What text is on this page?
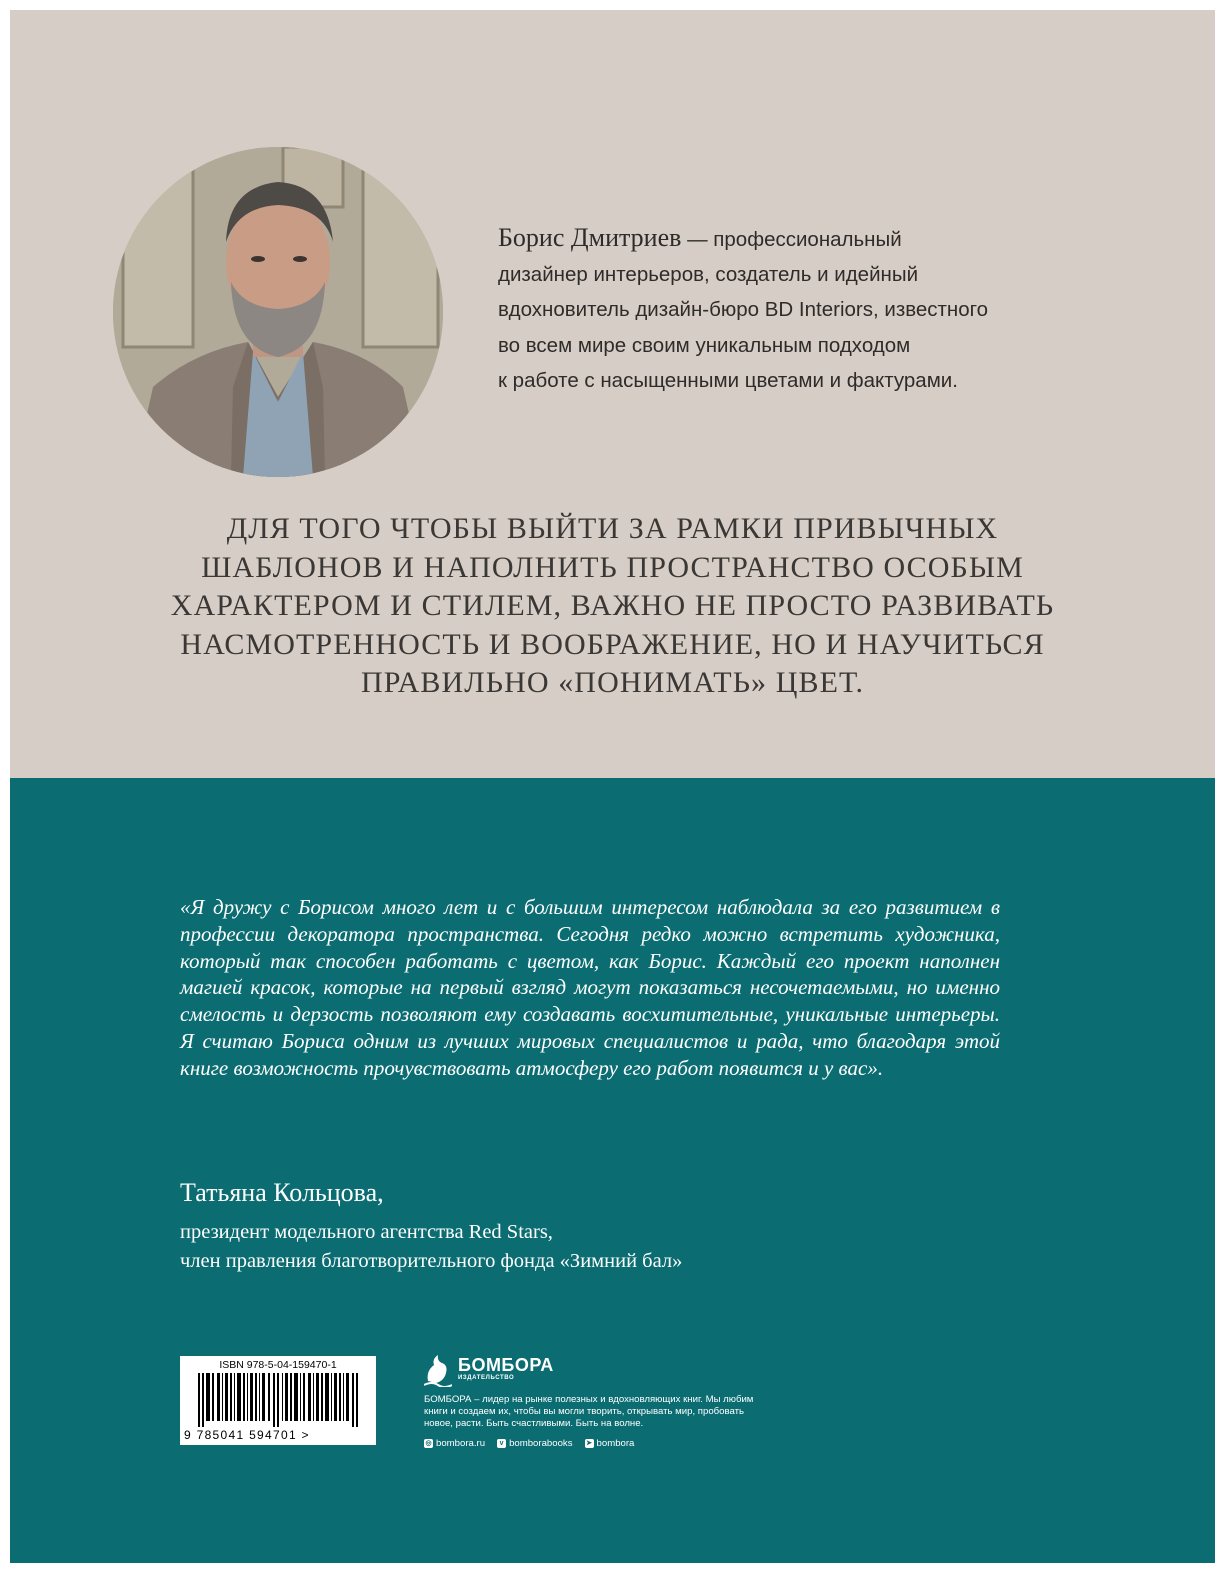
Борис Дмитриев — профессиональный
дизайнер интерьеров, создатель и идейный
вдохновитель дизайн-бюро BD Interiors, известного
во всем мире своим уникальным подходом
к работе с насыщенными цветами и фактурами.
ДЛЯ ТОГО ЧТОБЫ ВЫЙТИ ЗА РАМКИ ПРИВЫЧНЫХ
ШАБЛОНОВ И НАПОЛНИТЬ ПРОСТРАНСТВО ОСОБЫМ
ХАРАКТЕРОМ И СТИЛЕМ, ВАЖНО НЕ ПРОСТО РАЗВИВАТЬ
НАСМОТРЕННОСТЬ И ВООБРАЖЕНИЕ, НО И НАУЧИТЬСЯ
ПРАВИЛЬНО «ПОНИМАТЬ» ЦВЕТ.
«Я дружу с Борисом много лет и с большим интересом наблюдала за его развитием в профессии декоратора пространства. Сегодня редко можно встретить художника, который так способен работать с цветом, как Борис. Каждый его проект наполнен магией красок, которые на первый взгляд могут показаться несочетаемыми, но именно смелость и дерзость позволяют ему создавать восхитительные, уникальные интерьеры. Я считаю Бориса одним из лучших мировых специалистов и рада, что благодаря этой книге возможность прочувствовать атмосферу его работ появится и у вас».
Татьяна Кольцова,
президент модельного агентства Red Stars,
член правления благотворительного фонда «Зимний бал»
ISBN 978-5-04-159470-1
9 785041 594701 >
БОМБОРА
ИЗДАТЕЛЬСТВО
БОМБОРА – лидер на рынке полезных и вдохновляющих книг. Мы любим книги и создаем их, чтобы вы могли творить, открывать мир, пробовать новое, расти. Быть счастливыми. Быть на волне.
◎ bombora.ru	v bomborabooks ➤ bombora
